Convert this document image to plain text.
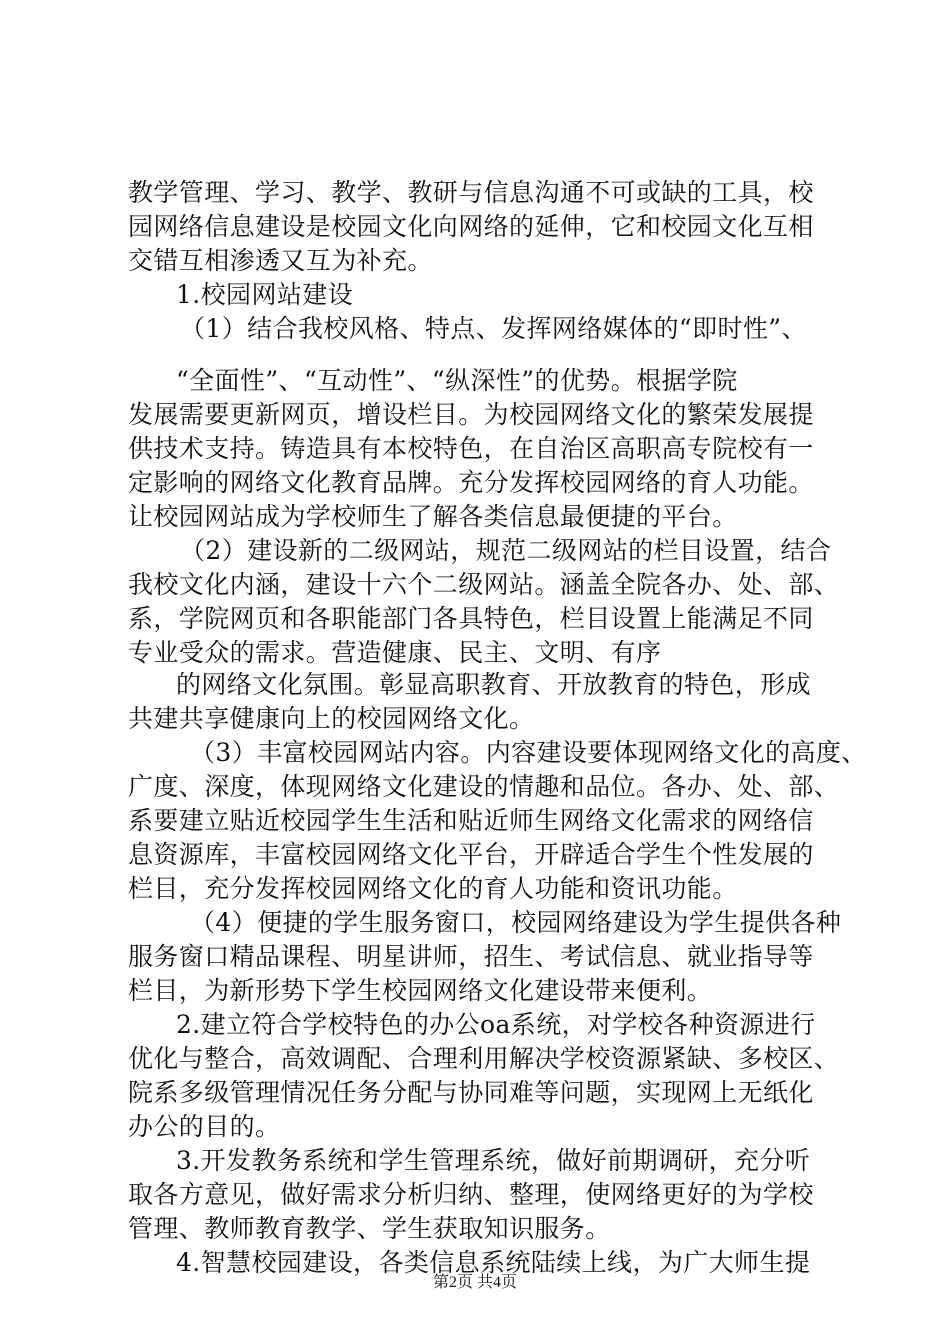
教学管理、学习、教学、教研与信息沟通不可或缺的工具，校
园网络信息建设是校园文化向网络的延伸，它和校园文化互相
交错互相渗透又互为补充。
1.校园网站建设
（1）结合我校风格、特点、发挥网络媒体的“即时性”、
“全面性”、“互动性”、“纵深性”的优势。根据学院
发展需要更新网页，增设栏目。为校园网络文化的繁荣发展提
供技术支持。铸造具有本校特色，在自治区高职高专院校有一
定影响的网络文化教育品牌。充分发挥校园网络的育人功能。
让校园网站成为学校师生了解各类信息最便捷的平台。
（2）建设新的二级网站，规范二级网站的栏目设置，结合
我校文化内涵，建设十六个二级网站。涵盖全院各办、处、部、
系，学院网页和各职能部门各具特色，栏目设置上能满足不同
专业受众的需求。营造健康、民主、文明、有序
的网络文化氛围。彰显高职教育、开放教育的特色，形成
共建共享健康向上的校园网络文化。
（3）丰富校园网站内容。内容建设要体现网络文化的高度、
广度、深度，体现网络文化建设的情趣和品位。各办、处、部、
系要建立贴近校园学生生活和贴近师生网络文化需求的网络信
息资源库，丰富校园网络文化平台，开辟适合学生个性发展的
栏目，充分发挥校园网络文化的育人功能和资讯功能。
（4）便捷的学生服务窗口，校园网络建设为学生提供各种
服务窗口精品课程、明星讲师，招生、考试信息、就业指导等
栏目，为新形势下学生校园网络文化建设带来便利。
2.建立符合学校特色的办公oa系统，对学校各种资源进行
优化与整合，高效调配、合理利用解决学校资源紧缺、多校区、
院系多级管理情况任务分配与协同难等问题，实现网上无纸化
办公的目的。
3.开发教务系统和学生管理系统，做好前期调研，充分听
取各方意见，做好需求分析归纳、整理，使网络更好的为学校
管理、教师教育教学、学生获取知识服务。
4.智慧校园建设，各类信息系统陆续上线，为广大师生提
第2页 共4页
